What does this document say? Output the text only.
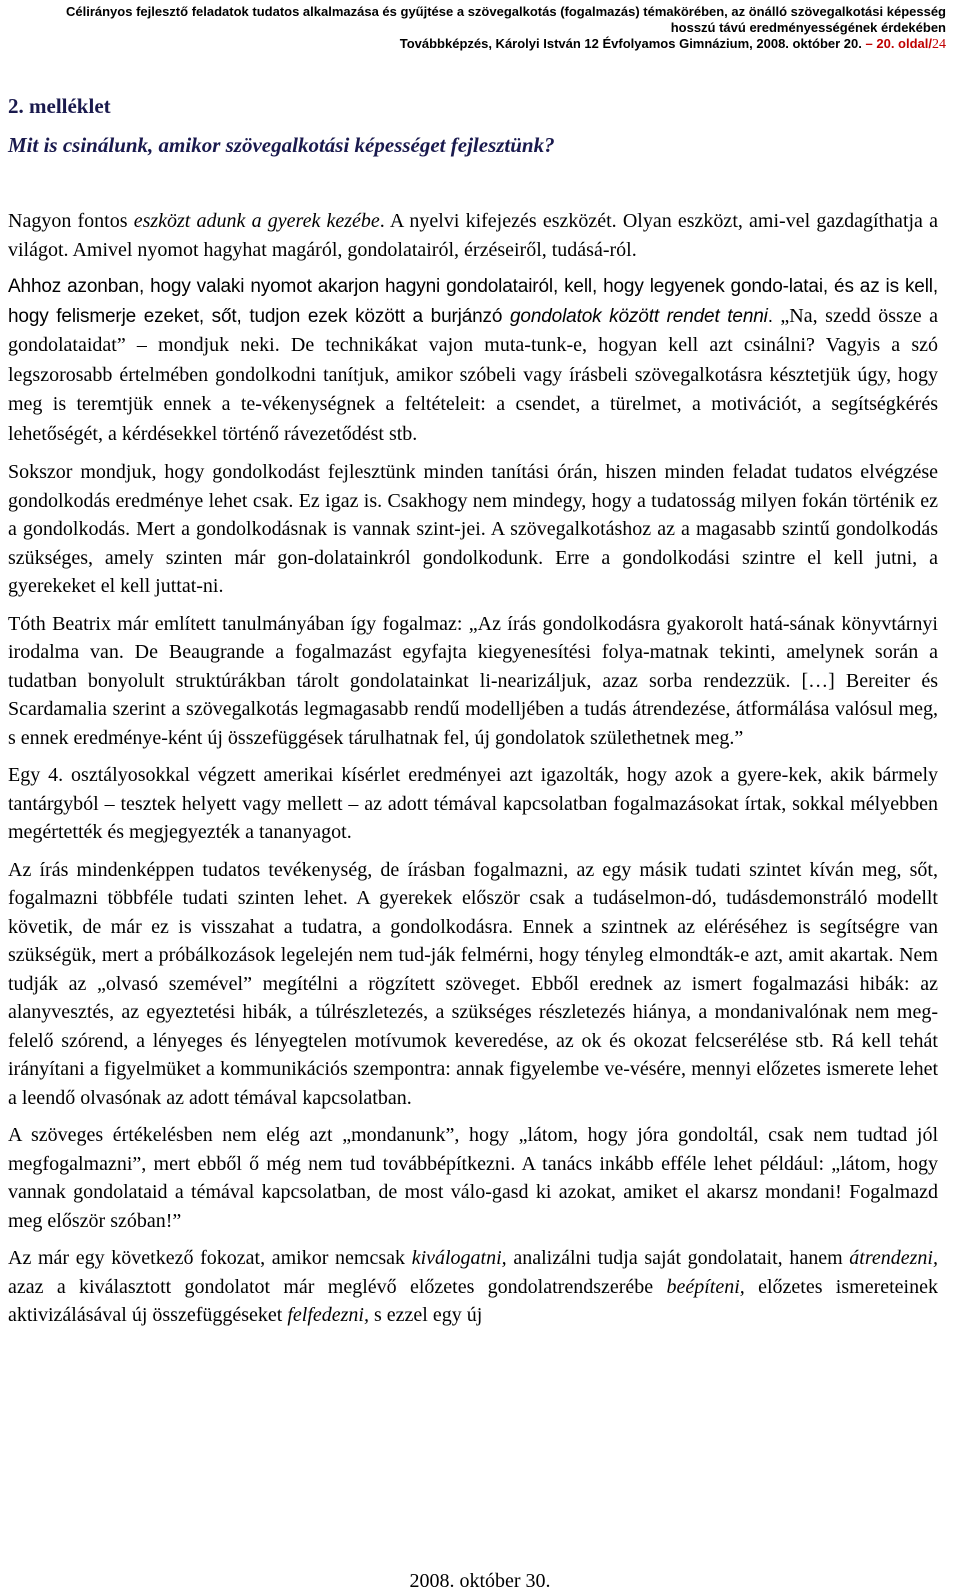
Célirányos fejlesztő feladatok tudatos alkalmazása és gyűjtése a szövegalkotás (fogalmazás) témakörében, az önálló szövegalkotási képesség
hosszú távú eredményességének érdekében
Továbbképzés, Károlyi István 12 Évfolyamos Gimnázium, 2008. október 20. – 20. oldal/24
2. melléklet
Mit is csinálunk, amikor szövegalkotási képességet fejlesztünk?

Nagyon fontos eszközt adunk a gyerek kezébe. A nyelvi kifejezés eszközét. Olyan eszközt, ami-vel gazdagíthatja a világot. Amivel nyomot hagyhat magáról, gondolatairól, érzéseiről, tudásá-ról.

Ahhoz azonban, hogy valaki nyomot akarjon hagyni gondolatairól, kell, hogy legyenek gondo-latai, és az is kell, hogy felismerje ezeket, sőt, tudjon ezek között a burjánzó gondolatok között rendet tenni. „Na, szedd össze a gondolataidat” – mondjuk neki. De technikákat vajon muta-tunk-e, hogyan kell azt csinálni? Vagyis a szó legszorosabb értelmében gondolkodni tanítjuk, amikor szóbeli vagy írásbeli szövegalkotásra késztetjük úgy, hogy meg is teremtjük ennek a te-vékenységnek a feltételeit: a csendet, a türelmet, a motivációt, a segítségkérés lehetőségét, a kérdésekkel történő rávezetődést stb.

Sokszor mondjuk, hogy gondolkodást fejlesztünk minden tanítási órán, hiszen minden feladat tudatos elvégzése gondolkodás eredménye lehet csak. Ez igaz is. Csakhogy nem mindegy, hogy a tudatosság milyen fokán történik ez a gondolkodás. Mert a gondolkodásnak is vannak szint-jei. A szövegalkotáshoz az a magasabb szintű gondolkodás szükséges, amely szinten már gon-dolatainkról gondolkodunk. Erre a gondolkodási szintre el kell jutni, a gyerekeket el kell juttat-ni.

Tóth Beatrix már említett tanulmányában így fogalmaz: „Az írás gondolkodásra gyakorolt hatá-sának könyvtárnyi irodalma van. De Beaugrande a fogalmazást egyfajta kiegyenesítési folya-matnak tekinti, amelynek során a tudatban bonyolult struktúrákban tárolt gondolatainkat li-nearizáljuk, azaz sorba rendezzük. […] Bereiter és Scardamalia szerint a szövegalkotás legmagasabb rendű modelljében a tudás átrendezése, átformálása valósul meg, s ennek eredménye-ként új összefüggések tárulhatnak fel, új gondolatok születhetnek meg.”

Egy 4. osztályosokkal végzett amerikai kísérlet eredményei azt igazolták, hogy azok a gyere-kek, akik bármely tantárgyból – tesztek helyett vagy mellett – az adott témával kapcsolatban fogalmazásokat írtak, sokkal mélyebben megértették és megjegyezték a tananyagot.

Az írás mindenképpen tudatos tevékenység, de írásban fogalmazni, az egy másik tudati szintet kíván meg, sőt, fogalmazni többféle tudati szinten lehet. A gyerekek először csak a tudáselmon-dó, tudásdemonstráló modellt követik, de már ez is visszahat a tudatra, a gondolkodásra. Ennek a szintnek az eléréséhez is segítségre van szükségük, mert a próbálkozások legelején nem tud-ják felmérni, hogy tényleg elmondták-e azt, amit akartak. Nem tudják az „olvasó szemével” megítélni a rögzített szöveget. Ebből erednek az ismert fogalmazási hibák: az alanyvesztés, az egyeztetési hibák, a túlrészletezés, a szükséges részletezés hiánya, a mondanivalónak nem meg-felelő szórend, a lényeges és lényegtelen motívumok keveredése, az ok és okozat felcserélése stb. Rá kell tehát irányítani a figyelmüket a kommunikációs szempontra: annak figyelembe ve-vésére, mennyi előzetes ismerete lehet a leendő olvasónak az adott témával kapcsolatban.

A szöveges értékelésben nem elég azt „mondanunk”, hogy „látom, hogy jóra gondoltál, csak nem tudtad jól megfogalmazni”, mert ebből ő még nem tud továbbépítkezni. A tanács inkább efféle lehet például: „látom, hogy vannak gondolataid a témával kapcsolatban, de most válo-gasd ki azokat, amiket el akarsz mondani! Fogalmazd meg először szóban!”

Az már egy következő fokozat, amikor nemcsak kiválogatni, analizálni tudja saját gondolatait, hanem átrendezni, azaz a kiválasztott gondolatot már meglévő előzetes gondolatrendszerébe beépíteni, előzetes ismereteinek aktivizálásával új összefüggéseket felfedezni, s ezzel egy új

2008. október 30.
